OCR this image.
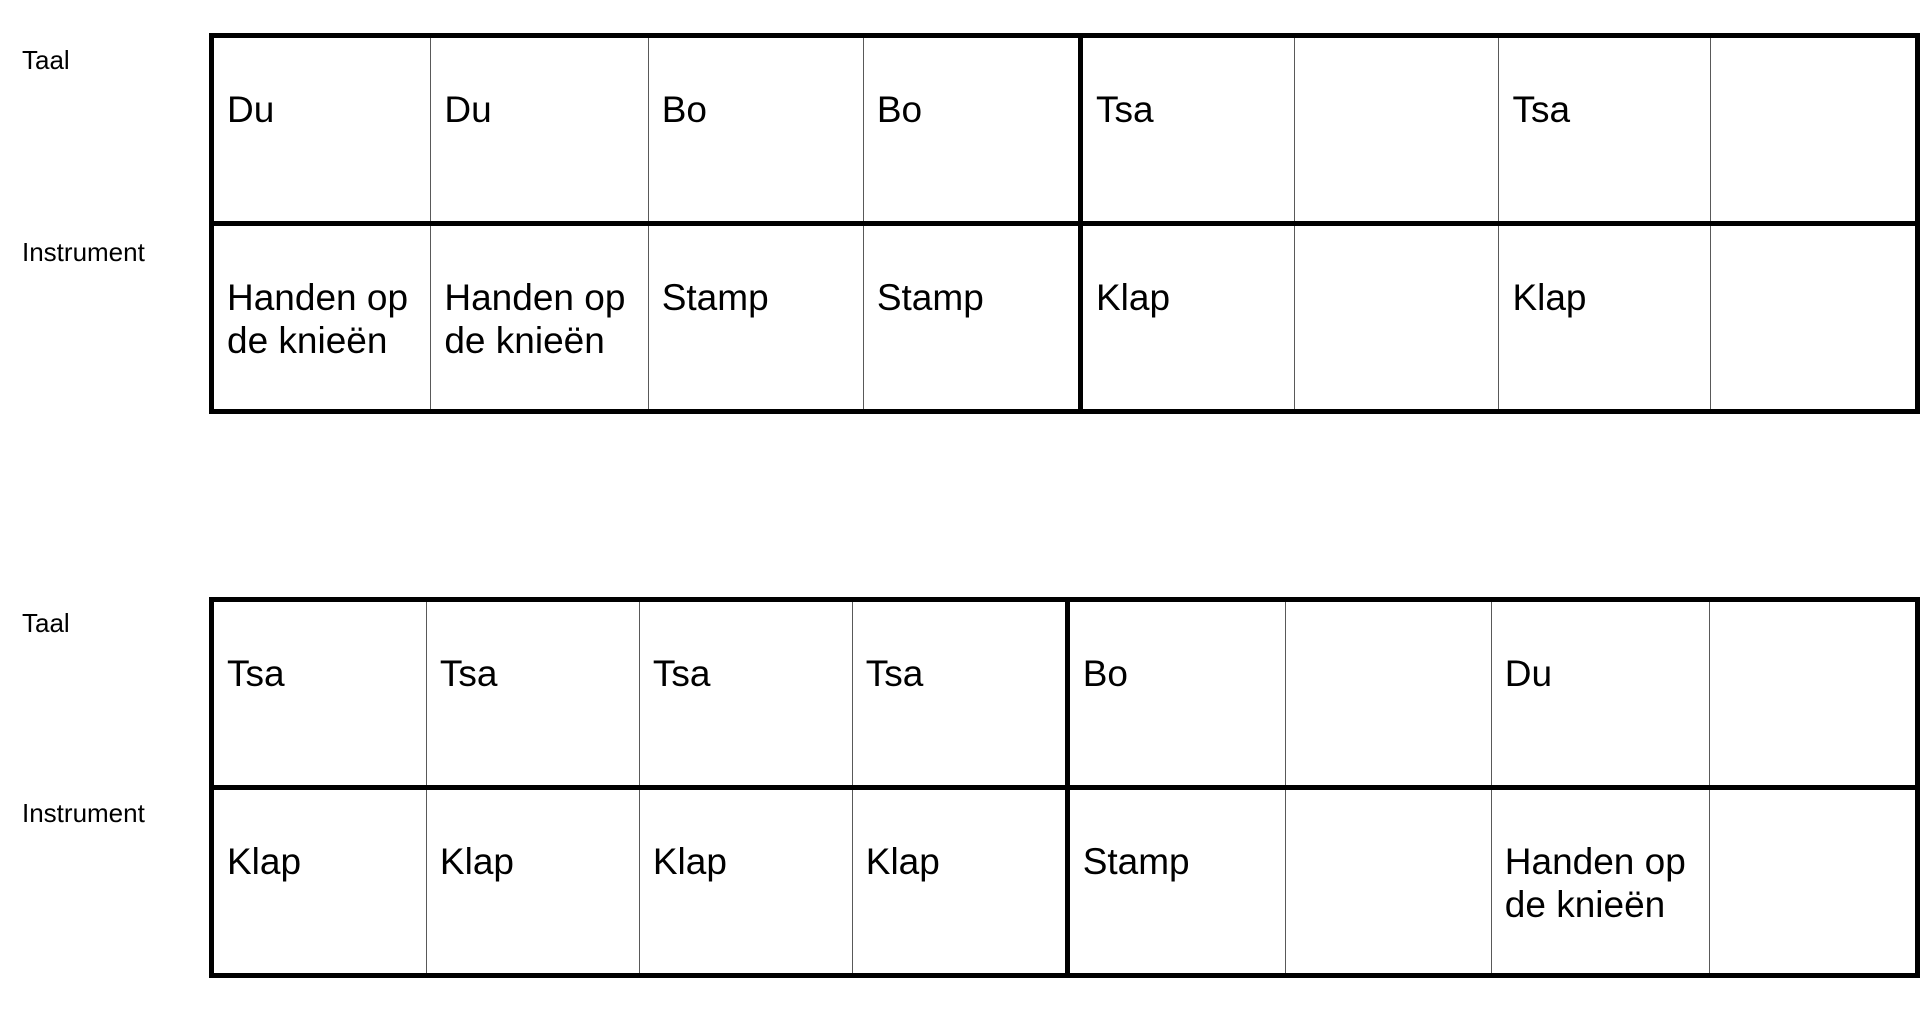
Taal
Instrument
Du	Du	Bo	Bo	Tsa		Tsa	
Handen op de knieën	Handen op de knieën	Stamp	Stamp	Klap		Klap	
Taal
Instrument
Tsa	Tsa	Tsa	Tsa	Bo		Du	
Klap	Klap	Klap	Klap	Stamp		Handen op de knieën	
